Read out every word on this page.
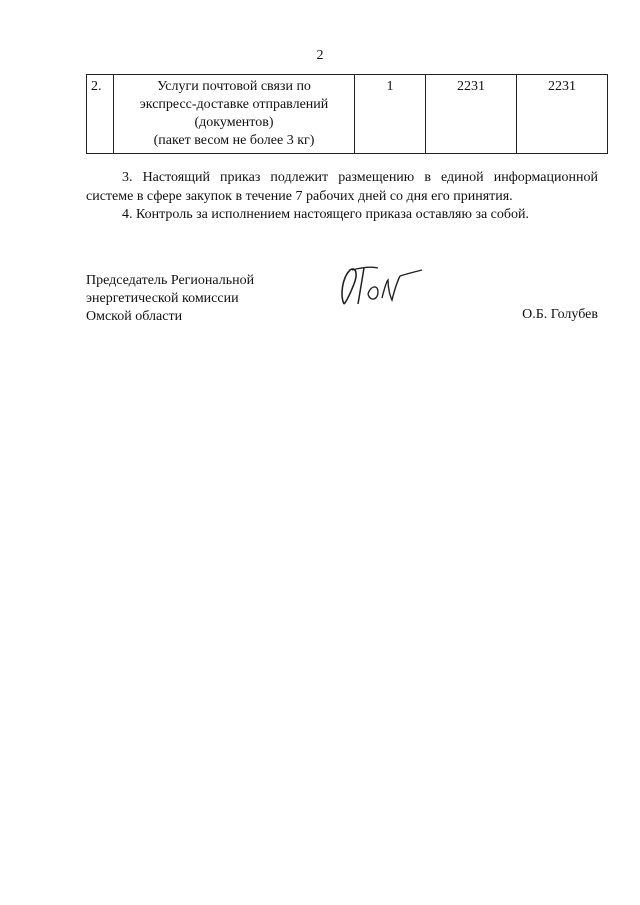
2
2.	Услуги почтовой связи по
экспресс-доставке отправлений
(документов)
(пакет весом не более 3 кг)
	1	2231	2231
3. Настоящий приказ подлежит размещению в единой информационной системе в сфере закупок в течение 7 рабочих дней со дня его принятия.
4. Контроль за исполнением настоящего приказа оставляю за собой.
Председатель Региональной
энергетической комиссии
Омской области	О.Б. Голубев
